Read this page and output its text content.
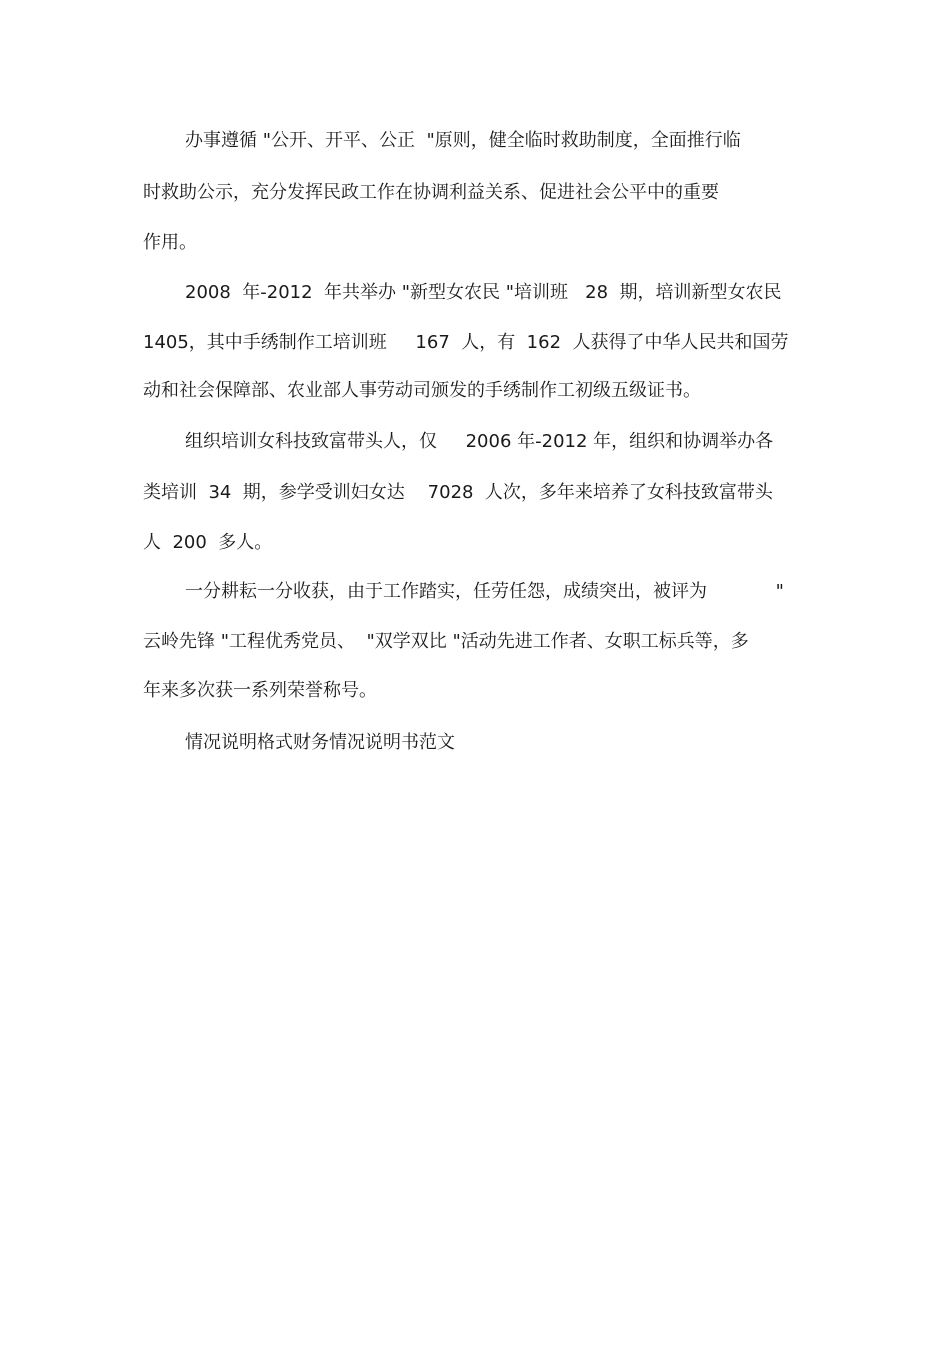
办事遵循 "公开、开平、公正  "原则，健全临时救助制度，全面推行临
时救助公示，充分发挥民政工作在协调利益关系、促进社会公平中的重要
作用。
2008  年-2012  年共举办 "新型女农民 "培训班   28  期，培训新型女农民
1405，其中手绣制作工培训班     167  人，有  162  人获得了中华人民共和国劳
动和社会保障部、农业部人事劳动司颁发的手绣制作工初级五级证书。
组织培训女科技致富带头人，仅     2006 年-2012 年，组织和协调举办各
类培训  34  期，参学受训妇女达    7028  人次，多年来培养了女科技致富带头
人  200  多人。
一分耕耘一分收获，由于工作踏实，任劳任怨，成绩突出，被评为            "
云岭先锋 "工程优秀党员、  "双学双比 "活动先进工作者、女职工标兵等，多
年来多次获一系列荣誉称号。
情况说明格式财务情况说明书范文
